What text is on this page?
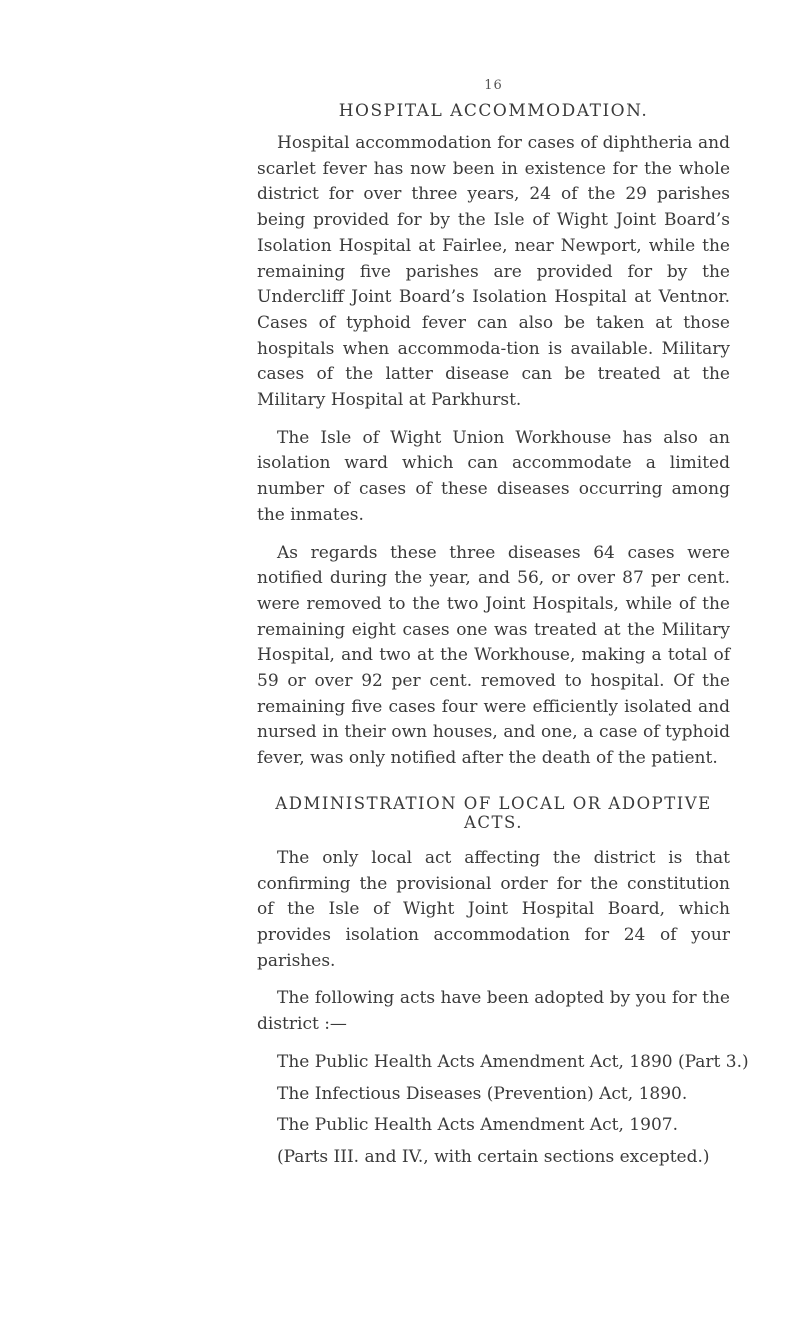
16
HOSPITAL ACCOMMODATION.

Hospital accommodation for cases of diphtheria and scarlet fever has now been in existence for the whole district for over three years, 24 of the 29 parishes being provided for by the Isle of Wight Joint Board’s Isolation Hospital at Fairlee, near Newport, while the remaining five parishes are provided for by the Undercliff Joint Board’s Isolation Hospital at Ventnor. Cases of typhoid fever can also be taken at those hospitals when accommoda-tion is available. Military cases of the latter disease can be treated at the Military Hospital at Parkhurst.

The Isle of Wight Union Workhouse has also an isolation ward which can accommodate a limited number of cases of these diseases occurring among the inmates.

As regards these three diseases 64 cases were notified during the year, and 56, or over 87 per cent. were removed to the two Joint Hospitals, while of the remaining eight cases one was treated at the Military Hospital, and two at the Workhouse, making a total of 59 or over 92 per cent. removed to hospital. Of the remaining five cases four were efficiently isolated and nursed in their own houses, and one, a case of typhoid fever, was only notified after the death of the patient.

ADMINISTRATION OF LOCAL OR ADOPTIVE ACTS.

The only local act affecting the district is that confirming the provisional order for the constitution of the Isle of Wight Joint Hospital Board, which provides isolation accommodation for 24 of your parishes.

The following acts have been adopted by you for the district :—

The Public Health Acts Amendment Act, 1890 (Part 3.)
The Infectious Diseases (Prevention) Act, 1890.
The Public Health Acts Amendment Act, 1907.
(Parts III. and IV., with certain sections excepted.)
